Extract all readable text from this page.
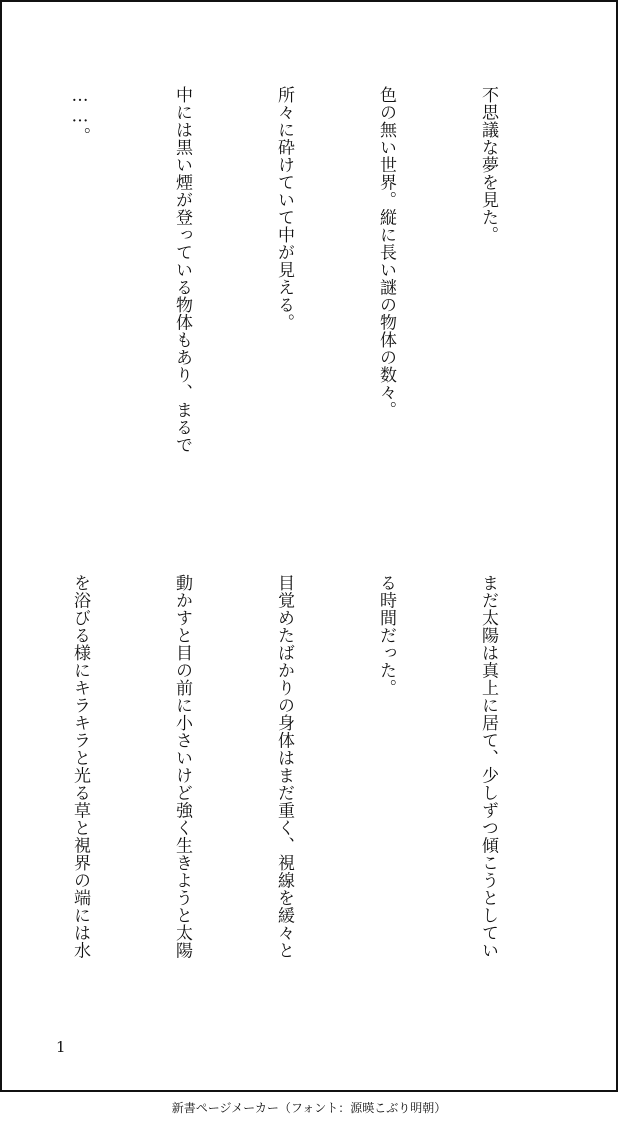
不思議な夢を見た。

色の無い世界。縦に長い謎の物体の数々。

所々に砕けていて中が見える。

中には黒い煙が登っている物体もあり、まるで

……。

まだ太陽は真上に居て、少しずつ傾こうとしてい

る時間だった。

目覚めたばかりの身体はまだ重く、視線を緩々と

動かすと目の前に小さいけど強く生きようと太陽

を浴びる様にキラキラと光る草と視界の端には水

1
新書ページメーカー（フォント：源暎こぶり明朝）
